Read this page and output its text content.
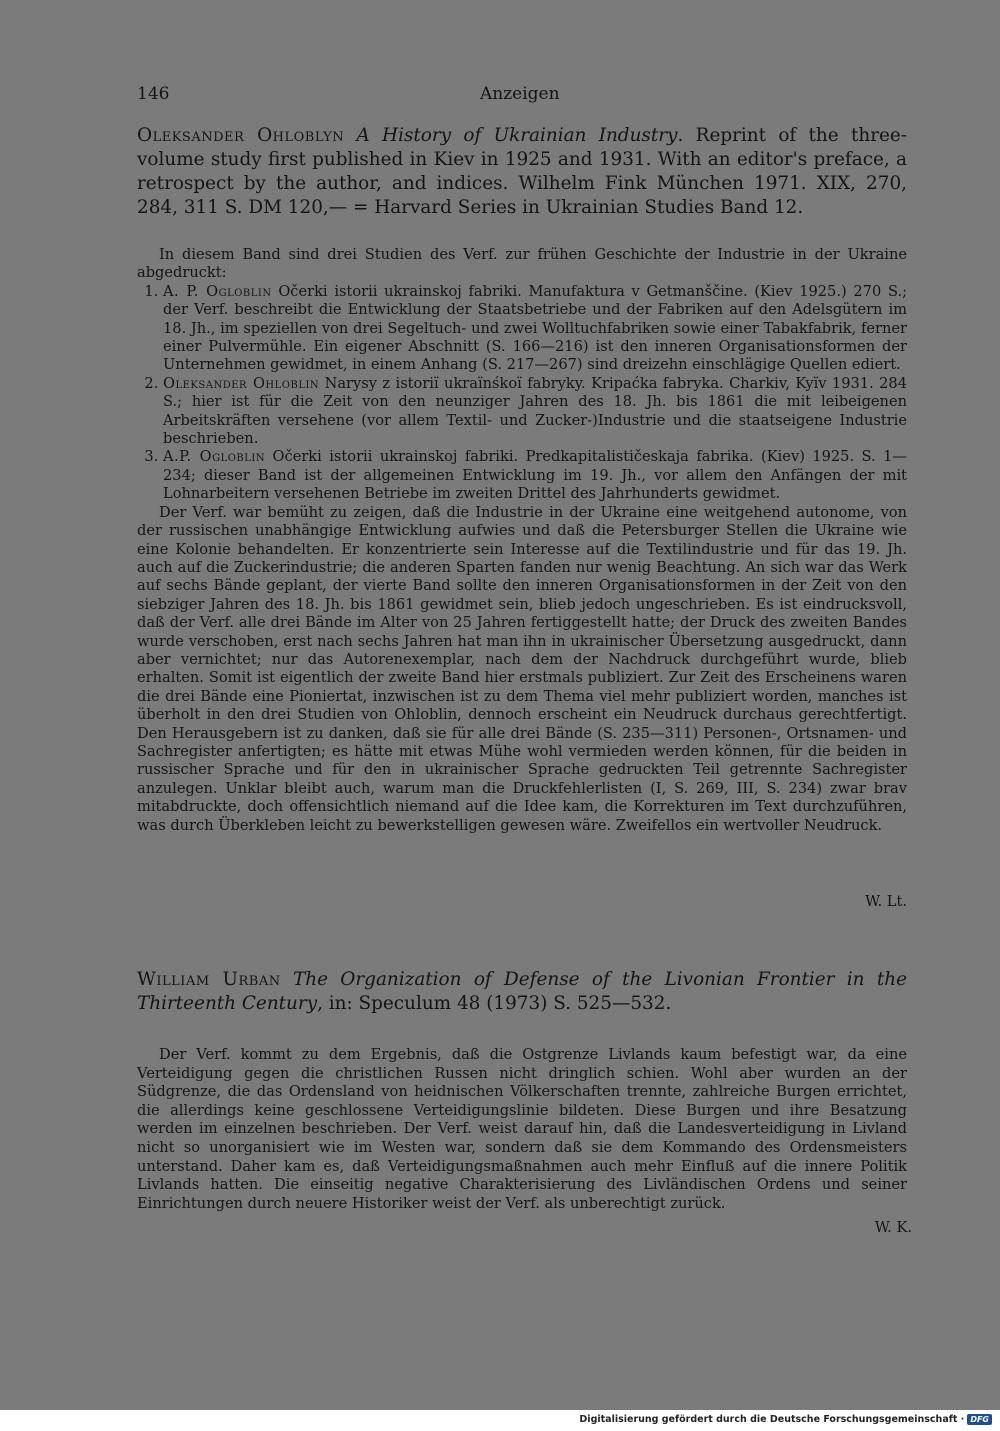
146	Anzeigen
Oleksander Ohloblyn A History of Ukrainian Industry. Reprint of the three-volume study first published in Kiev in 1925 and 1931. With an editor's preface, a retrospect by the author, and indices. Wilhelm Fink München 1971. XIX, 270, 284, 311 S. DM 120,— = Harvard Series in Ukrainian Studies Band 12.

In diesem Band sind drei Studien des Verf. zur frühen Geschichte der Industrie in der Ukraine abgedruckt:

1. A. P. Ogloblin Očerki istorii ukrainskoj fabriki. Manufaktura v Getmanščine. (Kiev 1925.) 270 S.; der Verf. beschreibt die Entwicklung der Staatsbetriebe und der Fabriken auf den Adelsgütern im 18. Jh., im speziellen von drei Segeltuch- und zwei Wolltuchfabriken sowie einer Tabakfabrik, ferner einer Pulvermühle. Ein eigener Abschnitt (S. 166—216) ist den inneren Organisationsformen der Unternehmen gewidmet, in einem Anhang (S. 217—267) sind dreizehn einschlägige Quellen ediert.
2. Oleksander Ohloblin Narysy z istoriï ukraïnśkoï fabryky. Kripaćka fabryka. Charkiv, Kyïv 1931. 284 S.; hier ist für die Zeit von den neunziger Jahren des 18. Jh. bis 1861 die mit leibeigenen Arbeitskräften versehene (vor allem Textil- und Zucker-)Industrie und die staatseigene Industrie beschrieben.
3. A.P. Ogloblin Očerki istorii ukrainskoj fabriki. Predkapitalističeskaja fabrika. (Kiev) 1925. S. 1—234; dieser Band ist der allgemeinen Entwicklung im 19. Jh., vor allem den Anfängen der mit Lohnarbeitern versehenen Betriebe im zweiten Drittel des Jahrhunderts gewidmet.

Der Verf. war bemüht zu zeigen, daß die Industrie in der Ukraine eine weitgehend autonome, von der russischen unabhängige Entwicklung aufwies und daß die Petersburger Stellen die Ukraine wie eine Kolonie behandelten. Er konzentrierte sein Interesse auf die Textilindustrie und für das 19. Jh. auch auf die Zuckerindustrie; die anderen Sparten fanden nur wenig Beachtung. An sich war das Werk auf sechs Bände geplant, der vierte Band sollte den inneren Organisationsformen in der Zeit von den siebziger Jahren des 18. Jh. bis 1861 gewidmet sein, blieb jedoch ungeschrieben. Es ist eindrucksvoll, daß der Verf. alle drei Bände im Alter von 25 Jahren fertiggestellt hatte; der Druck des zweiten Bandes wurde verschoben, erst nach sechs Jahren hat man ihn in ukrainischer Übersetzung ausgedruckt, dann aber vernichtet; nur das Autorenexemplar, nach dem der Nachdruck durchgeführt wurde, blieb erhalten. Somit ist eigentlich der zweite Band hier erstmals publiziert. Zur Zeit des Erscheinens waren die drei Bände eine Pioniertat, inzwischen ist zu dem Thema viel mehr publiziert worden, manches ist überholt in den drei Studien von Ohloblin, dennoch erscheint ein Neudruck durchaus gerechtfertigt. Den Herausgebern ist zu danken, daß sie für alle drei Bände (S. 235—311) Personen-, Ortsnamen- und Sachregister anfertigten; es hätte mit etwas Mühe wohl vermieden werden können, für die beiden in russischer Sprache und für den in ukrainischer Sprache gedruckten Teil getrennte Sachregister anzulegen. Unklar bleibt auch, warum man die Druckfehlerlisten (I, S. 269, III, S. 234) zwar brav mitabdruckte, doch offensichtlich niemand auf die Idee kam, die Korrekturen im Text durchzuführen, was durch Überkleben leicht zu bewerkstelligen gewesen wäre. Zweifellos ein wertvoller Neudruck.

W. Lt.
William Urban The Organization of Defense of the Livonian Frontier in the Thirteenth Century, in: Speculum 48 (1973) S. 525—532.

Der Verf. kommt zu dem Ergebnis, daß die Ostgrenze Livlands kaum befestigt war, da eine Verteidigung gegen die christlichen Russen nicht dringlich schien. Wohl aber wurden an der Südgrenze, die das Ordensland von heidnischen Völkerschaften trennte, zahlreiche Burgen errichtet, die allerdings keine geschlossene Verteidigungslinie bildeten. Diese Burgen und ihre Besatzung werden im einzelnen beschrieben. Der Verf. weist darauf hin, daß die Landesverteidigung in Livland nicht so unorganisiert wie im Westen war, sondern daß sie dem Kommando des Ordensmeisters unterstand. Daher kam es, daß Verteidigungsmaßnahmen auch mehr Einfluß auf die innere Politik Livlands hatten. Die einseitig negative Charakterisierung des Livländischen Ordens und seiner Einrichtungen durch neuere Historiker weist der Verf. als unberechtigt zurück.

W. K.
Digitalisierung gefördert durch die Deutsche Forschungsgemeinschaft · DFG
